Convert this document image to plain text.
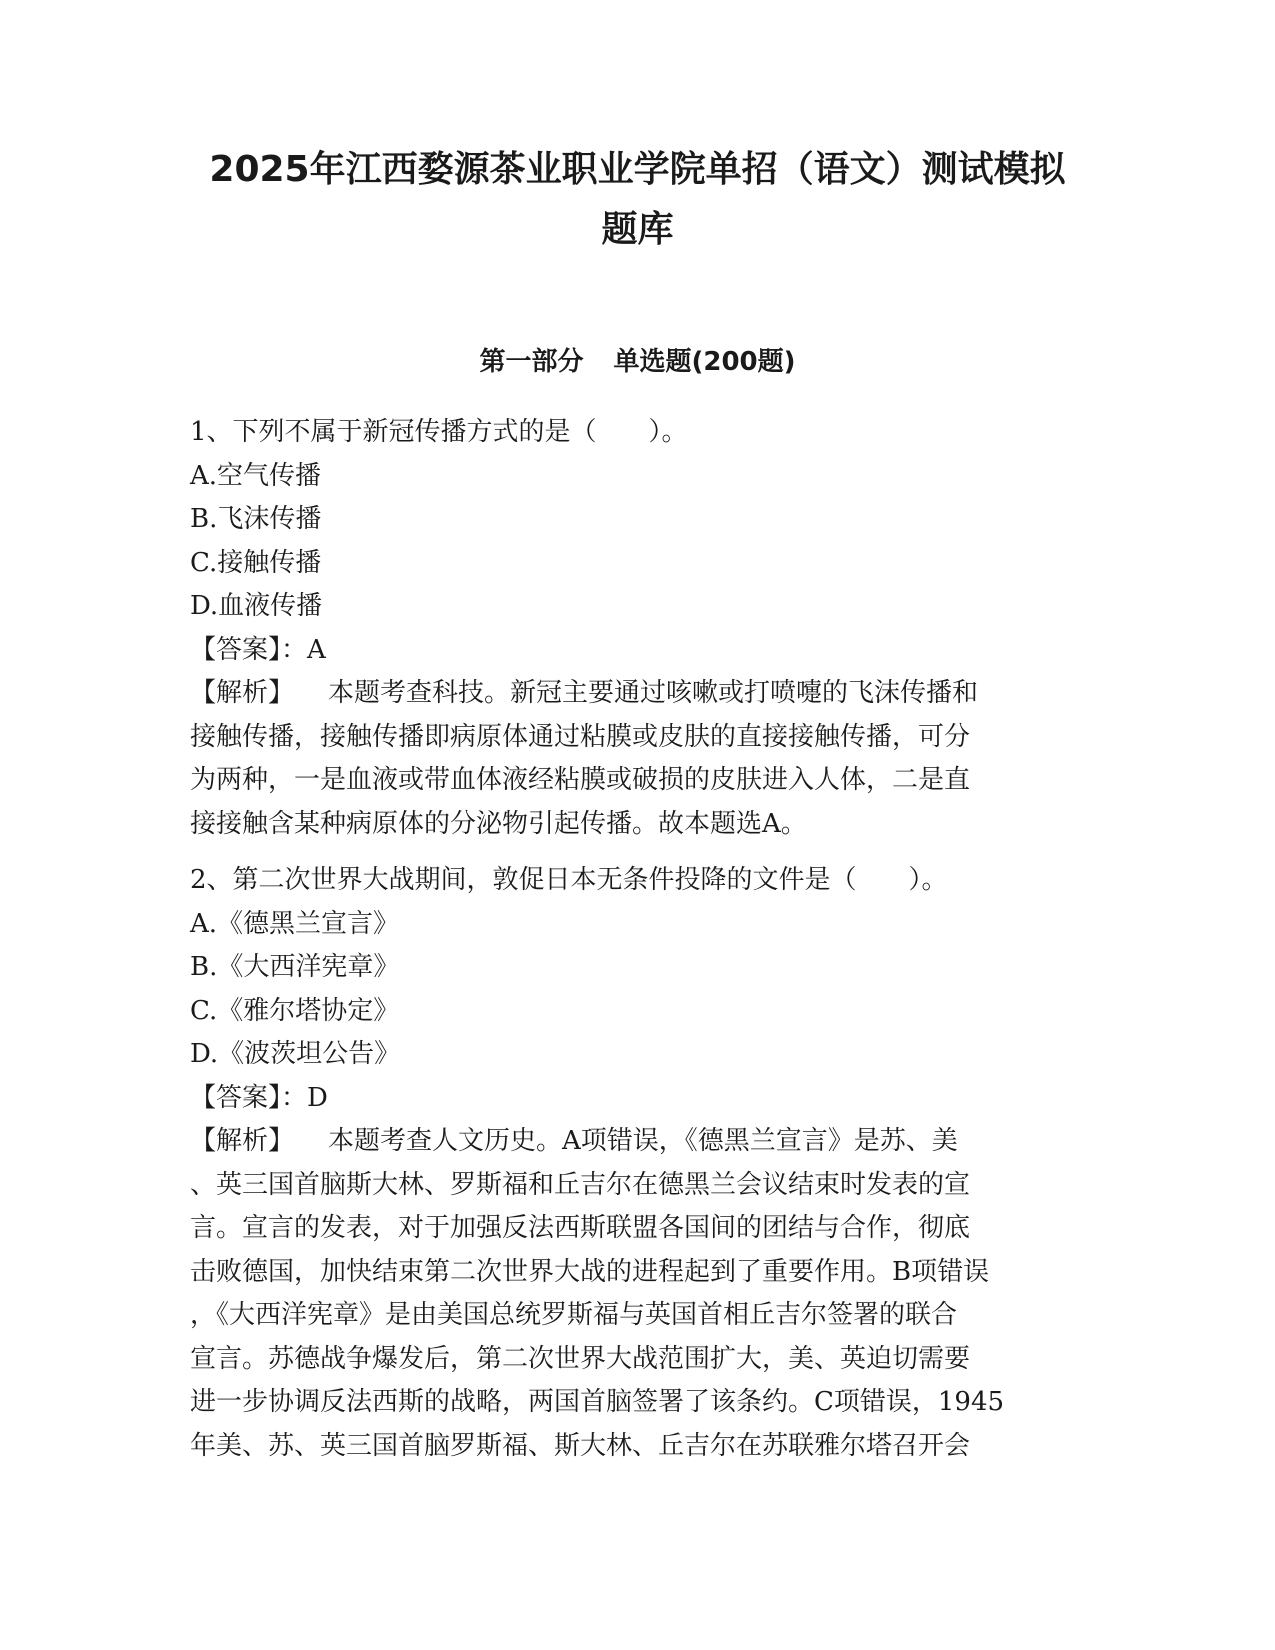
2025年江西婺源茶业职业学院单招（语文）测试模拟
题库
第一部分 单选题(200题)
1、下列不属于新冠传播方式的是（　　）。
A.空气传播
B.飞沫传播
C.接触传播
D.血液传播
【答案】：A
【解析】 本题考查科技。新冠主要通过咳嗽或打喷嚏的飞沫传播和
接触传播，接触传播即病原体通过粘膜或皮肤的直接接触传播，可分
为两种，一是血液或带血体液经粘膜或破损的皮肤进入人体，二是直
接接触含某种病原体的分泌物引起传播。故本题选A。
2、第二次世界大战期间，敦促日本无条件投降的文件是（　　）。
A.《德黑兰宣言》
B.《大西洋宪章》
C.《雅尔塔协定》
D.《波茨坦公告》
【答案】：D
【解析】 本题考查人文历史。A项错误，《德黑兰宣言》是苏、美
、英三国首脑斯大林、罗斯福和丘吉尔在德黑兰会议结束时发表的宣
言。宣言的发表，对于加强反法西斯联盟各国间的团结与合作，彻底
击败德国，加快结束第二次世界大战的进程起到了重要作用。B项错误
，《大西洋宪章》是由美国总统罗斯福与英国首相丘吉尔签署的联合
宣言。苏德战争爆发后，第二次世界大战范围扩大，美、英迫切需要
进一步协调反法西斯的战略，两国首脑签署了该条约。C项错误，1945
年美、苏、英三国首脑罗斯福、斯大林、丘吉尔在苏联雅尔塔召开会
